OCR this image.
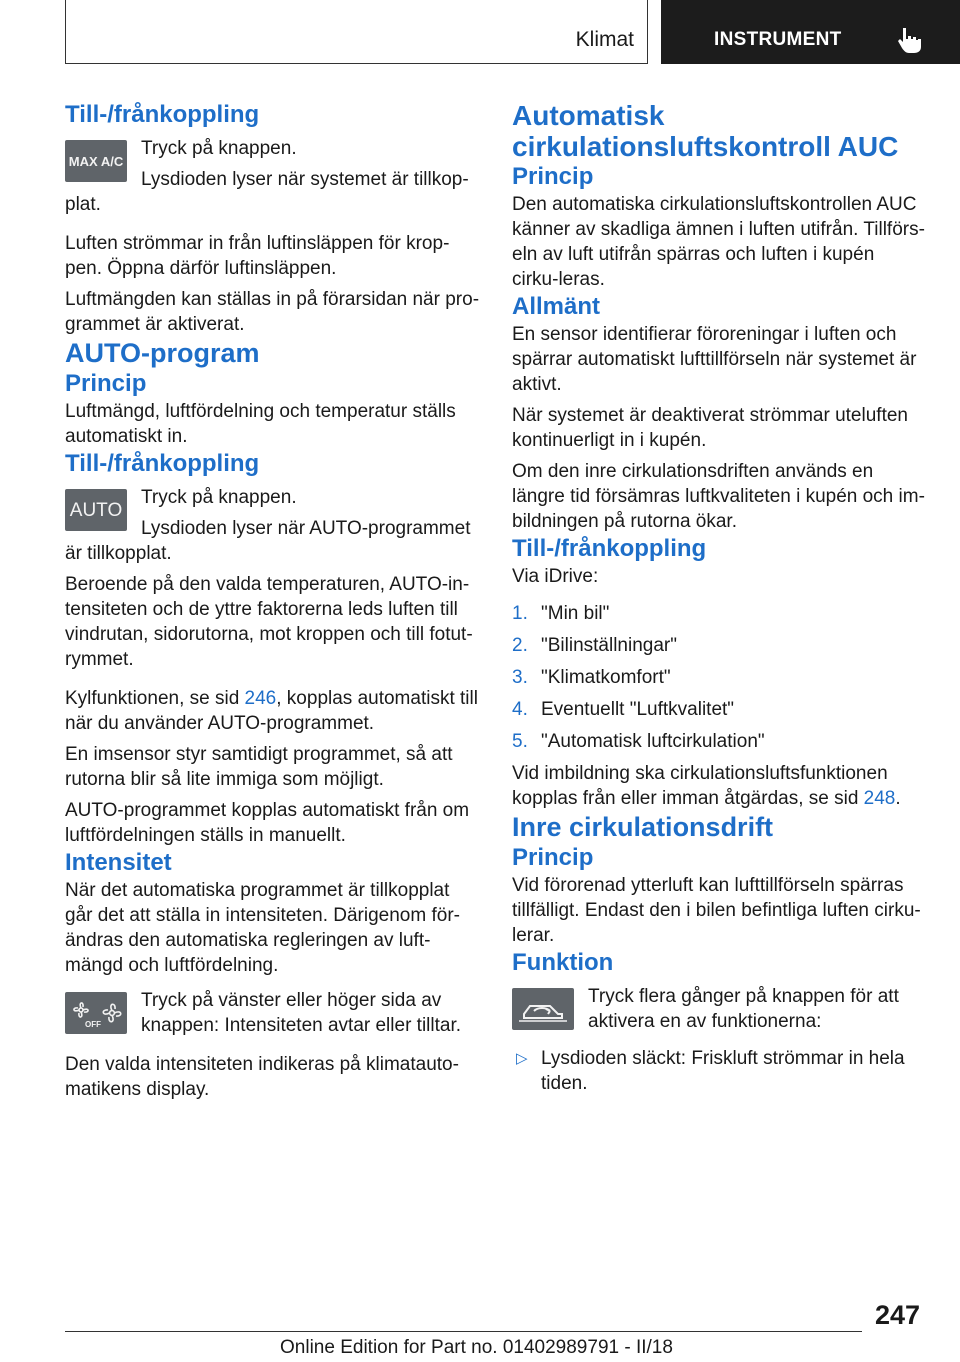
Klimat	INSTRUMENT
Till-/frånkoppling
MAX A/C

Tryck på knappen.

Lysdioden lyser när systemet är tillkop-plat.

Luften strömmar in från luftinsläppen för krop-pen. Öppna därför luftinsläppen.

Luftmängden kan ställas in på förarsidan när pro-grammet är aktiverat.

AUTO-program
Princip

Luftmängd, luftfördelning och temperatur ställs automatiskt in.

Till-/frånkoppling
AUTO

Tryck på knappen.

Lysdioden lyser när AUTO-programmet är tillkopplat.

Beroende på den valda temperaturen, AUTO-in-tensiteten och de yttre faktorerna leds luften till vindrutan, sidorutorna, mot kroppen och till fotut-rymmet.

Kylfunktionen, se sid 246, kopplas automatiskt till när du använder AUTO-programmet.

En imsensor styr samtidigt programmet, så att rutorna blir så lite immiga som möjligt.

AUTO-programmet kopplas automatiskt från om luftfördelningen ställs in manuellt.

Intensitet

När det automatiska programmet är tillkopplat går det att ställa in intensiteten. Därigenom för-ändras den automatiska regleringen av luft-mängd och luftfördelning.

OFF

Tryck på vänster eller höger sida av knappen: Intensiteten avtar eller tilltar.

Den valda intensiteten indikeras på klimatauto-matikens display.

Automatisk cirkulationsluftskontroll AUC
Princip

Den automatiska cirkulationsluftskontrollen AUC känner av skadliga ämnen i luften utifrån. Tillförs-eln av luft utifrån spärras och luften i kupén cirku-leras.

Allmänt

En sensor identifierar föroreningar i luften och spärrar automatiskt lufttillförseln när systemet är aktivt.

När systemet är deaktiverat strömmar uteluften kontinuerligt in i kupén.

Om den inre cirkulationsdriften används en längre tid försämras luftkvaliteten i kupén och im-bildningen på rutorna ökar.

Till-/frånkoppling

Via iDrive:

1. "Min bil"
2. "Bilinställningar"
3. "Klimatkomfort"
4. Eventuellt "Luftkvalitet"
5. "Automatisk luftcirkulation"

Vid imbildning ska cirkulationsluftsfunktionen kopplas från eller imman åtgärdas, se sid 248.

Inre cirkulationsdrift
Princip

Vid förorenad ytterluft kan lufttillförseln spärras tillfälligt. Endast den i bilen befintliga luften cirku-lerar.

Funktion

Tryck flera gånger på knappen för att aktivera en av funktionerna:

▷ Lysdioden släckt: Friskluft strömmar in hela tiden.
247
Online Edition for Part no. 01402989791 - II/18
